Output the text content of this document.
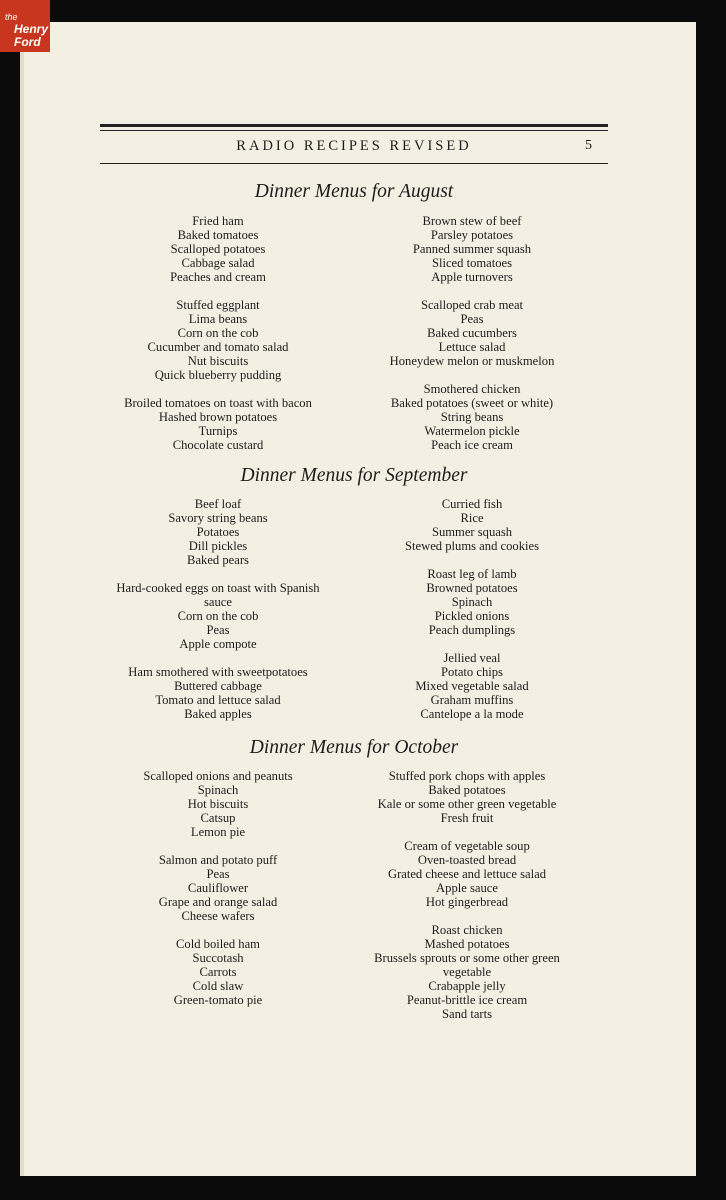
the
Henry
Ford
RADIO RECIPES REVISED	5
Dinner Menus for August
Fried ham
Baked tomatoes
Scalloped potatoes
Cabbage salad
Peaches and cream
Stuffed eggplant
Lima beans
Corn on the cob
Cucumber and tomato salad
Nut biscuits
Quick blueberry pudding
Broiled tomatoes on toast with bacon
Hashed brown potatoes
Turnips
Chocolate custard
Brown stew of beef
Parsley potatoes
Panned summer squash
Sliced tomatoes
Apple turnovers
Scalloped crab meat
Peas
Baked cucumbers
Lettuce salad
Honeydew melon or muskmelon
Smothered chicken
Baked potatoes (sweet or white)
String beans
Watermelon pickle
Peach ice cream
Dinner Menus for September
Beef loaf
Savory string beans
Potatoes
Dill pickles
Baked pears
Hard-cooked eggs on toast with Spanish
sauce
Corn on the cob
Peas
Apple compote
Ham smothered with sweetpotatoes
Buttered cabbage
Tomato and lettuce salad
Baked apples
Curried fish
Rice
Summer squash
Stewed plums and cookies
Roast leg of lamb
Browned potatoes
Spinach
Pickled onions
Peach dumplings
Jellied veal
Potato chips
Mixed vegetable salad
Graham muffins
Cantelope a la mode
Dinner Menus for October
Scalloped onions and peanuts
Spinach
Hot biscuits
Catsup
Lemon pie
Salmon and potato puff
Peas
Cauliflower
Grape and orange salad
Cheese wafers
Cold boiled ham
Succotash
Carrots
Cold slaw
Green-tomato pie
Stuffed pork chops with apples
Baked potatoes
Kale or some other green vegetable
Fresh fruit
Cream of vegetable soup
Oven-toasted bread
Grated cheese and lettuce salad
Apple sauce
Hot gingerbread
Roast chicken
Mashed potatoes
Brussels sprouts or some other green
vegetable
Crabapple jelly
Peanut-brittle ice cream
Sand tarts
